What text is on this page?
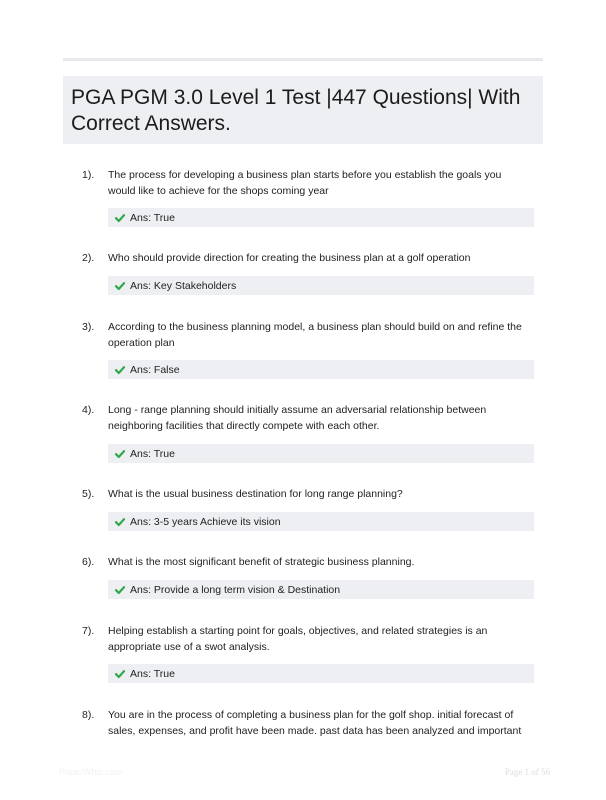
PGA PGM 3.0 Level 1 Test |447 Questions| With Correct Answers.
1). The process for developing a business plan starts before you establish the goals you would like to achieve for the shops coming year

Ans: True
2). Who should provide direction for creating the business plan at a golf operation

Ans: Key Stakeholders
3). According to the business planning model, a business plan should build on and refine the operation plan

Ans: False
4). Long - range planning should initially assume an adversarial relationship between neighboring facilities that directly compete with each other.

Ans: True
5). What is the usual business destination for long range planning?

Ans: 3-5 years Achieve its vision
6). What is the most significant benefit of strategic business planning.

Ans: Provide a long term vision & Destination
7). Helping establish a starting point for goals, objectives, and related strategies is an appropriate use of a swot analysis.

Ans: True
8). You are in the process of completing a business plan for the golf shop. initial forecast of sales, expenses, and profit have been made. past data has been analyzed and important

PaperWhiz.com	Page 1 of 56
